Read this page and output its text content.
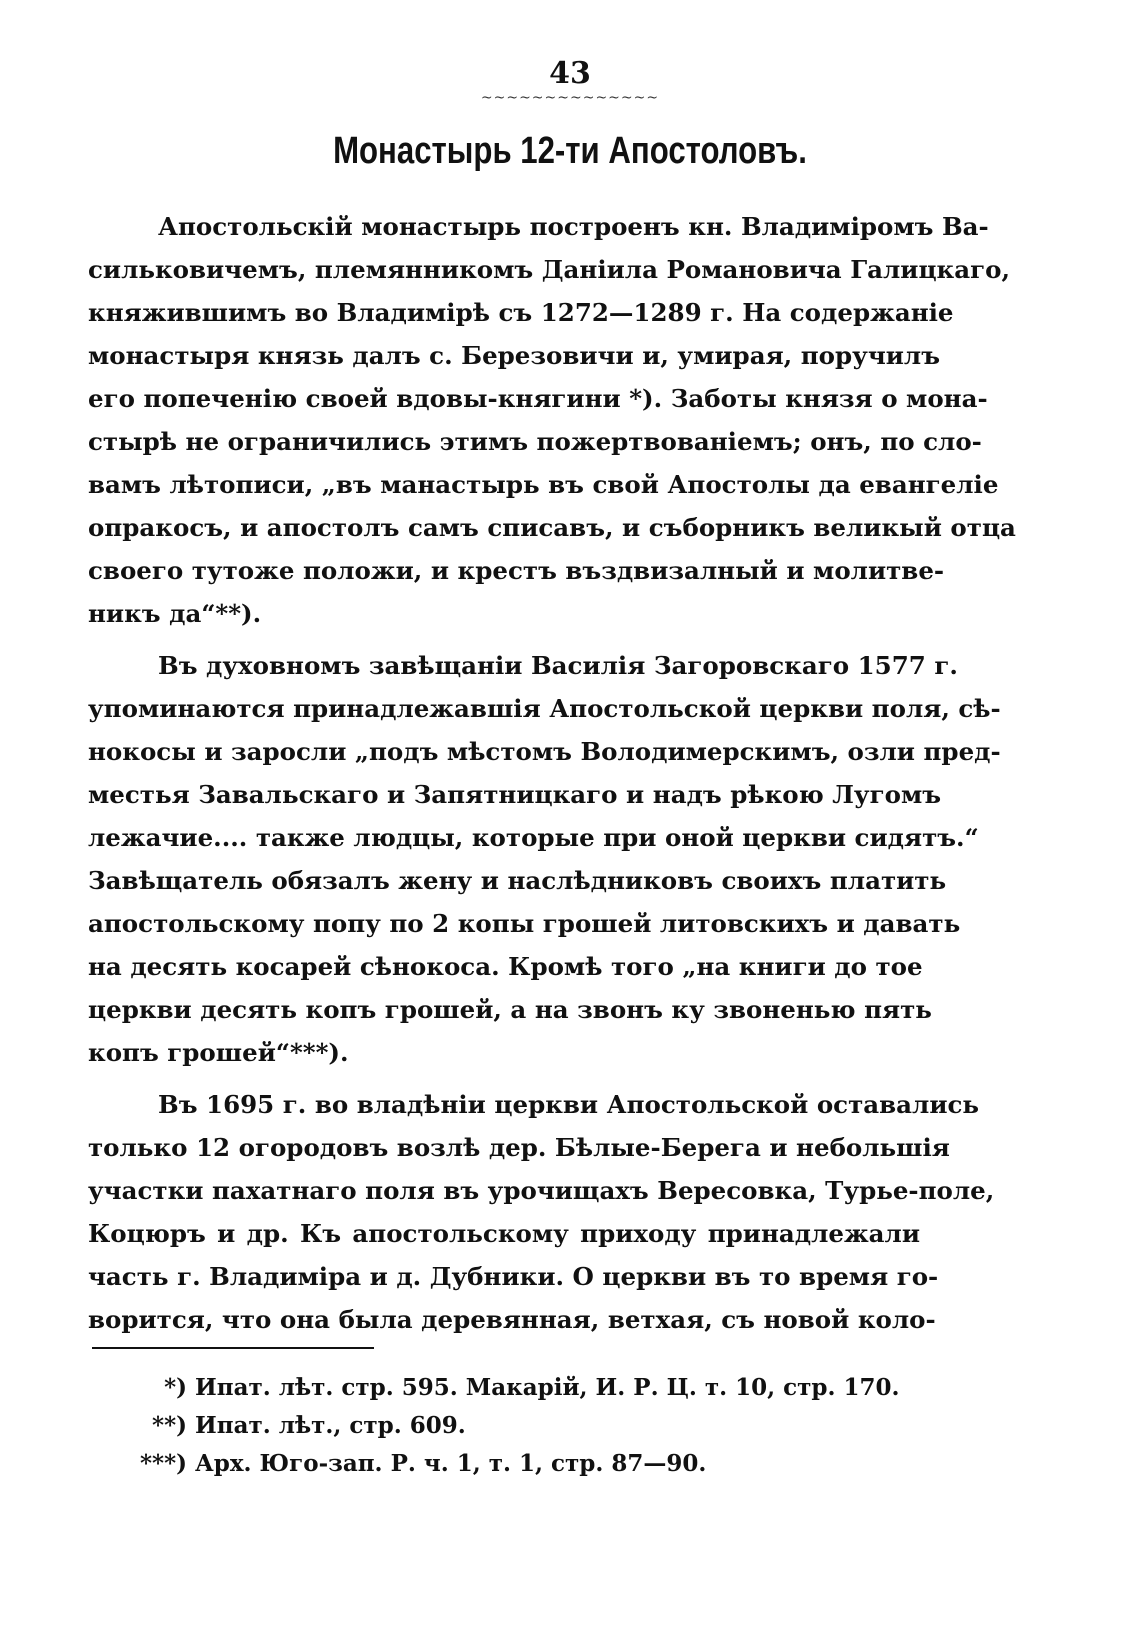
43
~~~~~~~~~~~~~~
Монастырь 12-ти Апостоловъ.
Апостольскій монастырь построенъ кн. Владиміромъ Ва-
сильковичемъ, племянникомъ Даніила Романовича Галицкаго,
княжившимъ во Владимірѣ съ 1272—1289 г. На содержаніе
монастыря князь далъ с. Березовичи и, умирая, поручилъ
его попеченію своей вдовы-княгини *). Заботы князя о мона-
стырѣ не ограничились этимъ пожертвованіемъ; онъ, по сло-
вамъ лѣтописи, „въ манастырь въ свой Апостолы да евангеліе
опракосъ, и апостолъ самъ списавъ, и съборникъ великый отца
своего тутоже положи, и крестъ въздвизалный и молитве-
никъ да“**).
Въ духовномъ завѣщаніи Василія Загоровскаго 1577 г.
упоминаются принадлежавшія Апостольской церкви поля, сѣ-
нокосы и заросли „подъ мѣстомъ Володимерскимъ, озли пред-
местья Завальскаго и Запятницкаго и надъ рѣкою Лугомъ
лежачие.... также людцы, которые при оной церкви сидятъ.“
Завѣщатель обязалъ жену и наслѣдниковъ своихъ платить
апостольскому попу по 2 копы грошей литовскихъ и давать
на десять косарей сѣнокоса. Кромѣ того „на книги до тое
церкви десять копъ грошей, а на звонъ ку звоненью пять
копъ грошей“***).
Въ 1695 г. во владѣніи церкви Апостольской оставались
только 12 огородовъ возлѣ дер. Бѣлые-Берега и небольшія
участки пахатнаго поля въ урочищахъ Вересовка, Турье-поле,
Коцюръ и др. Къ апостольскому приходу принадлежали
часть г. Владиміра и д. Дубники. О церкви въ то время го-
ворится, что она была деревянная, ветхая, съ новой коло-
*) Ипат. лѣт. стр. 595. Макарій, И. Р. Ц. т. 10, стр. 170.
**) Ипат. лѣт., стр. 609.
***) Арх. Юго-зап. Р. ч. 1, т. 1, стр. 87—90.
